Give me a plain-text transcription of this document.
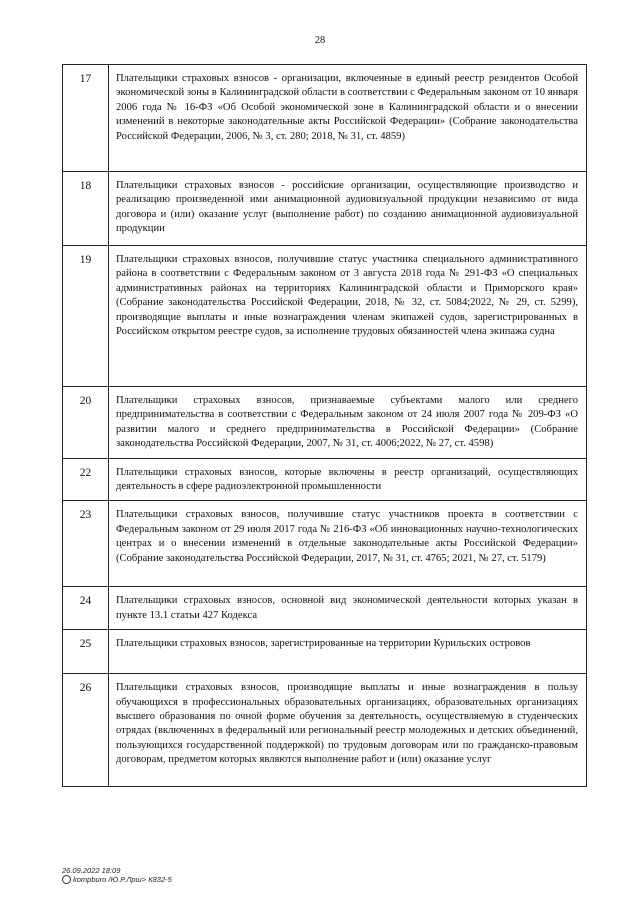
28
17	Плательщики страховых взносов - организации, включенные в единый реестр резидентов Особой экономической зоны в Калининградской области в соответствии с Федеральным законом от 10 января 2006 года № 16-ФЗ «Об Особой экономической зоне в Калининградской области и о внесении изменений в некоторые законодательные акты Российской Федерации» (Собрание законодательства Российской Федерации, 2006, № 3, ст. 280; 2018, № 31, ст. 4859)
18	Плательщики страховых взносов - российские организации, осуществляющие производство и реализацию произведенной ими анимационной аудиовизуальной продукции независимо от вида договора и (или) оказание услуг (выполнение работ) по созданию анимационной аудиовизуальной продукции
19	Плательщики страховых взносов, получившие статус участника специального административного района в соответствии с Федеральным законом от 3 августа 2018 года № 291-ФЗ «О специальных административных районах на территориях Калининградской области и Приморского края» (Собрание законодательства Российской Федерации, 2018, № 32, ст. 5084;2022, № 29, ст. 5299), производящие выплаты и иные вознаграждения членам экипажей судов, зарегистрированных в Российском открытом реестре судов, за исполнение трудовых обязанностей члена экипажа судна
20	Плательщики страховых взносов, признаваемые субъектами малого или среднего предпринимательства в соответствии с Федеральным законом от 24 июля 2007 года № 209-ФЗ «О развитии малого и среднего предпринимательства в Российской Федерации» (Собрание законодательства Российской Федерации, 2007, № 31, ст. 4006;2022, № 27, ст. 4598)
22	Плательщики страховых взносов, которые включены в реестр организаций, осуществляющих деятельность в сфере радиоэлектронной промышленности
23	Плательщики страховых взносов, получившие статус участников проекта в соответствии с Федеральным законом от 29 июля 2017 года № 216-ФЗ «Об инновационных научно-технологических центрах и о внесении изменений в отдельные законодательные акты Российской Федерации» (Собрание законодательства Российской Федерации, 2017, № 31, ст. 4765; 2021, № 27, ст. 5179)
24	Плательщики страховых взносов, основной вид экономической деятельности которых указан в пункте 13.1 статьи 427 Кодекса
25	Плательщики страховых взносов, зарегистрированные на территории Курильских островов
26	Плательщики страховых взносов, производящие выплаты и иные вознаграждения в пользу обучающихся в профессиональных образовательных организациях, образовательных организациях высшего образования по очной форме обучения за деятельность, осуществляемую в студенческих отрядах (включенных в федеральный или региональный реестр молодежных и детских объединений, пользующихся государственной поддержкой) по трудовым договорам или по гражданско-правовым договорам, предметом которых являются выполнение работ и (или) оказание услуг
26.09.2022 18:09
kompburo /Ю.Р.Лрш> К832-5
